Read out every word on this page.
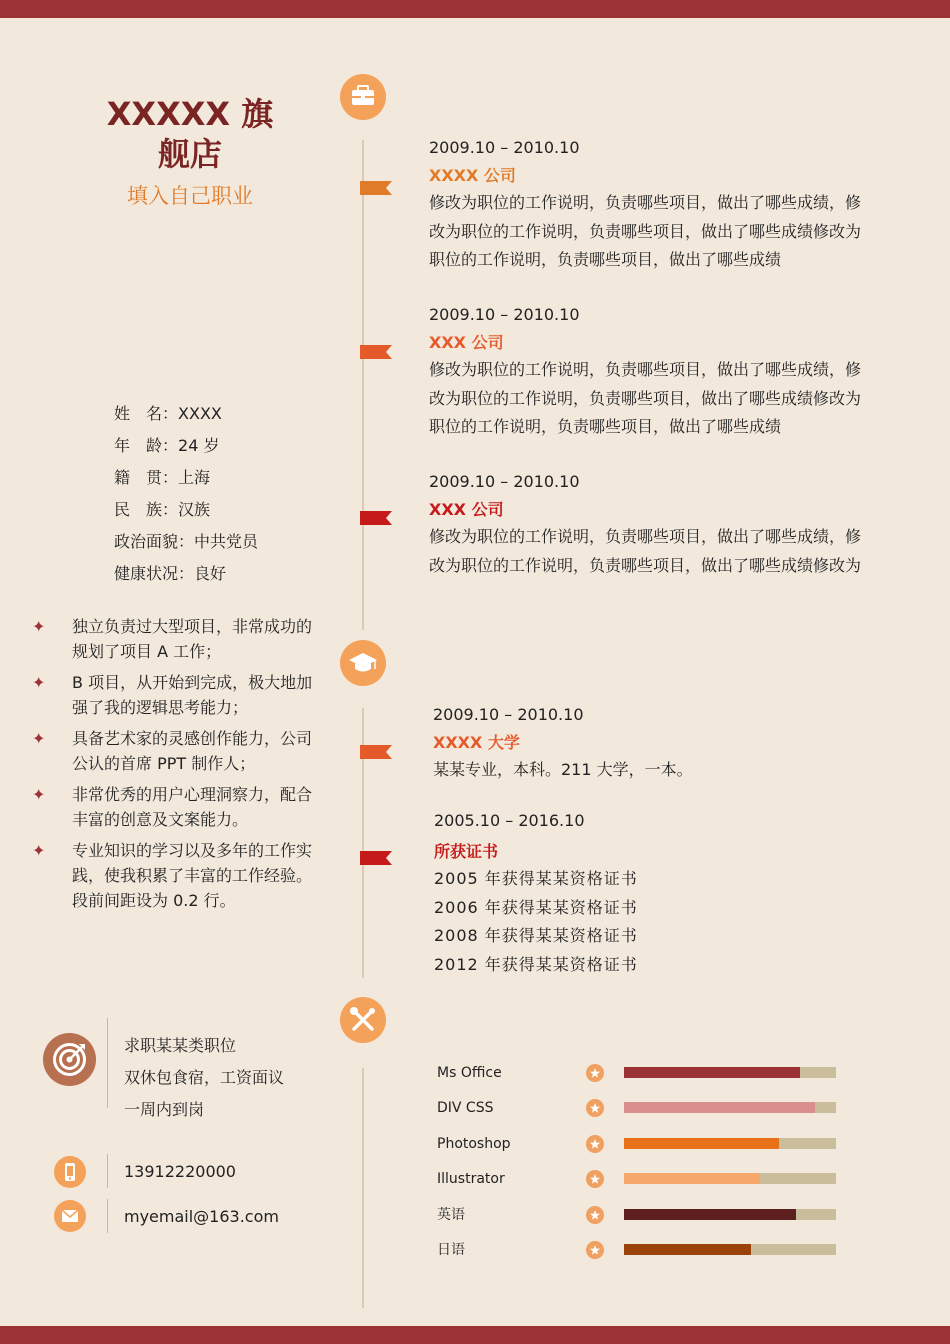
XXXXX 旗舰店
填入自己职业
姓　名：XXXX
年　龄：24 岁
籍　贯：上海
民　族：汉族
政治面貌：中共党员
健康状况：良好
✦ 独立负责过大型项目，非常成功的规划了项目 A 工作；
✦ B 项目，从开始到完成，极大地加强了我的逻辑思考能力；
✦ 具备艺术家的灵感创作能力，公司公认的首席 PPT 制作人；
✦ 非常优秀的用户心理洞察力，配合丰富的创意及文案能力。
✦ 专业知识的学习以及多年的工作实践，使我积累了丰富的工作经验。段前间距设为 0.2 行。
2009.10 – 2010.10
XXXX 公司
修改为职位的工作说明，负责哪些项目，做出了哪些成绩，修
改为职位的工作说明，负责哪些项目，做出了哪些成绩修改为
职位的工作说明，负责哪些项目，做出了哪些成绩
2009.10 – 2010.10
XXX 公司
修改为职位的工作说明，负责哪些项目，做出了哪些成绩，修
改为职位的工作说明，负责哪些项目，做出了哪些成绩修改为
职位的工作说明，负责哪些项目，做出了哪些成绩
2009.10 – 2010.10
XXX 公司
修改为职位的工作说明，负责哪些项目，做出了哪些成绩，修
改为职位的工作说明，负责哪些项目，做出了哪些成绩修改为
2009.10 – 2010.10
XXXX 大学
某某专业，本科。211 大学，一本。
2005.10 – 2016.10
所获证书
2005 年获得某某资格证书
2006 年获得某某资格证书
2008 年获得某某资格证书
2012 年获得某某资格证书
求职某某类职位
双休包食宿，工资面议
一周内到岗
13912220000
myemail@163.com
Ms Office
DIV CSS
Photoshop
Illustrator
英语
日语
